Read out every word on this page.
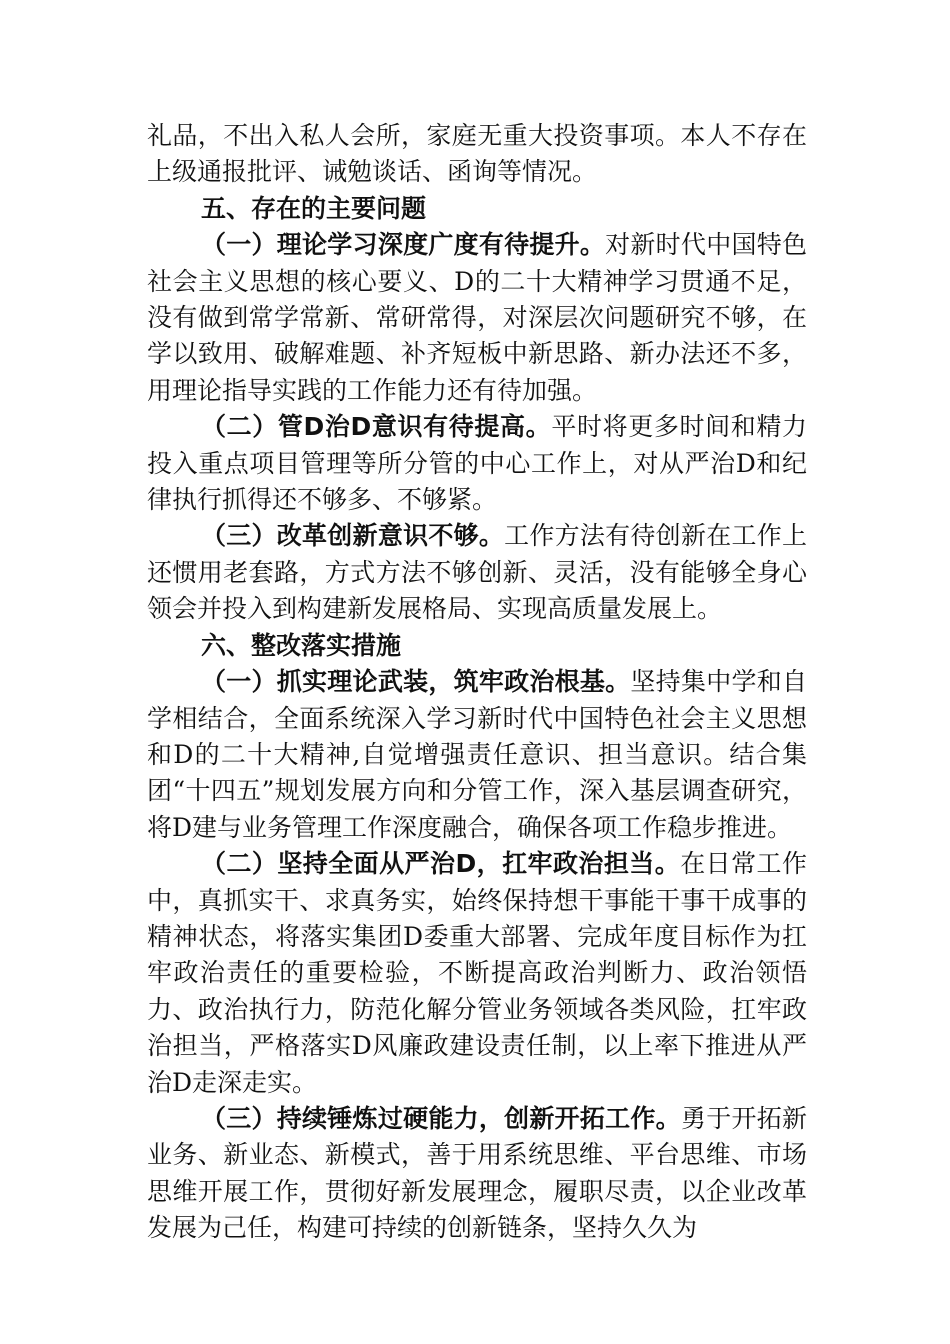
礼品，不出入私人会所，家庭无重大投资事项。本人不存在上级通报批评、诫勉谈话、函询等情况。

五、存在的主要问题

（一）理论学习深度广度有待提升。对新时代中国特色社会主义思想的核心要义、D的二十大精神学习贯通不足，没有做到常学常新、常研常得，对深层次问题研究不够，在学以致用、破解难题、补齐短板中新思路、新办法还不多，用理论指导实践的工作能力还有待加强。

（二）管D治D意识有待提高。平时将更多时间和精力投入重点项目管理等所分管的中心工作上，对从严治D和纪律执行抓得还不够多、不够紧。

（三）改革创新意识不够。工作方法有待创新在工作上还惯用老套路，方式方法不够创新、灵活，没有能够全身心领会并投入到构建新发展格局、实现高质量发展上。

六、整改落实措施

（一）抓实理论武装，筑牢政治根基。坚持集中学和自学相结合，全面系统深入学习新时代中国特色社会主义思想和D的二十大精神,自觉增强责任意识、担当意识。结合集团“十四五”规划发展方向和分管工作，深入基层调查研究，将D建与业务管理工作深度融合，确保各项工作稳步推进。

（二）坚持全面从严治D，扛牢政治担当。在日常工作中，真抓实干、求真务实，始终保持想干事能干事干成事的精神状态，将落实集团D委重大部署、完成年度目标作为扛牢政治责任的重要检验，不断提高政治判断力、政治领悟力、政治执行力，防范化解分管业务领域各类风险，扛牢政治担当，严格落实D风廉政建设责任制，以上率下推进从严治D走深走实。

（三）持续锤炼过硬能力，创新开拓工作。勇于开拓新业务、新业态、新模式，善于用系统思维、平台思维、市场思维开展工作，贯彻好新发展理念，履职尽责，以企业改革发展为己任，构建可持续的创新链条，坚持久久为
